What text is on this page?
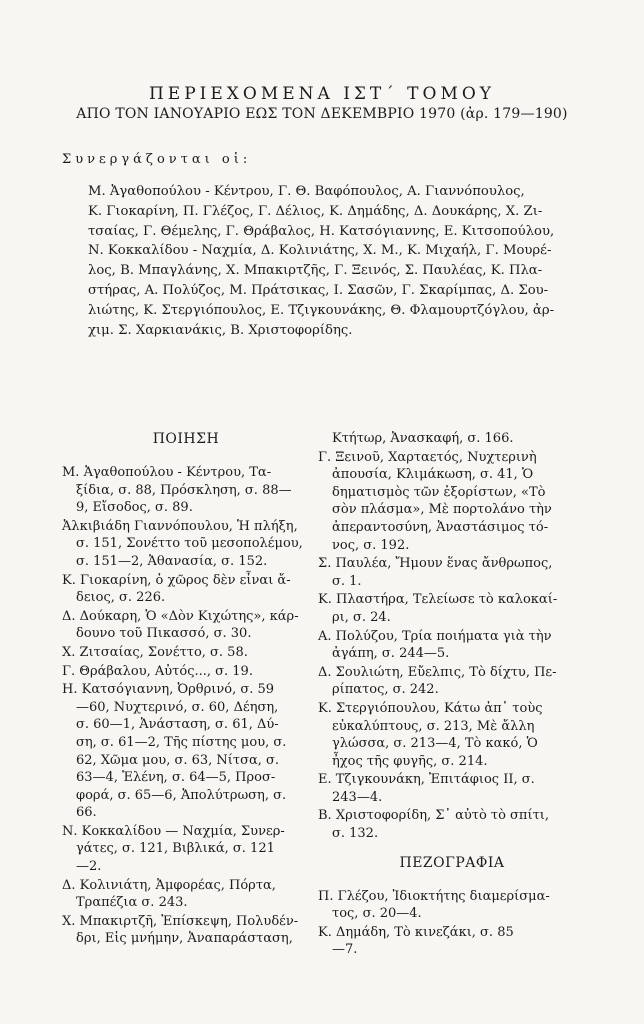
ΠΕΡΙΕΧΟΜΕΝΑ ΙΣΤ΄ ΤΟΜΟΥ
ΑΠΟ ΤΟΝ ΙΑΝΟΥΑΡΙΟ ΕΩΣ ΤΟΝ ΔΕΚΕΜΒΡΙΟ 1970 (ἀρ. 179—190)
Συνεργάζονται οἱ:
Μ. Ἀγαθοπούλου - Κέντρου, Γ. Θ. Βαφόπουλος, Α. Γιαννόπουλος,
Κ. Γιοκαρίνη, Π. Γλέζος, Γ. Δέλιος, Κ. Δημάδης, Δ. Δουκάρης, Χ. Ζι-
τσαίας, Γ. Θέμελης, Γ. Θράβαλος, Η. Κατσόγιαννης, Ε. Κιτσοπούλου,
Ν. Κοκκαλίδου - Ναχμία, Δ. Κολινιάτης, Χ. Μ., Κ. Μιχαήλ, Γ. Μουρέ-
λος, Β. Μπαγλάνης, Χ. Μπακιρτζῆς, Γ. Ξεινός, Σ. Παυλέας, Κ. Πλα-
στήρας, Α. Πολύζος, Μ. Πράτσικας, Ι. Σασῶν, Γ. Σκαρίμπας, Δ. Σου-
λιώτης, Κ. Στεργιόπουλος, Ε. Τζιγκουνάκης, Θ. Φλαμουρτζόγλου, ἀρ-
χιμ. Σ. Χαρκιανάκις, Β. Χριστοφορίδης.
ΠΟΙΗΣΗ
Μ. Ἀγαθοπούλου - Κέντρου, Τα-
ξίδια, σ. 88, Πρόσκληση, σ. 88—
9, Εἴσοδος, σ. 89.
Ἀλκιβιάδη Γιαννόπουλου, Ἡ πλήξη,
σ. 151, Σονέττο τοῦ μεσοπολέμου,
σ. 151—2, Ἀθανασία, σ. 152.
Κ. Γιοκαρίνη, ὁ χῶρος δὲν εἶναι ἄ-
δειος, σ. 226.
Δ. Δούκαρη, Ὁ «Δὸν Κιχώτης», κάρ-
δουνο τοῦ Πικασσό, σ. 30.
Χ. Ζιτσαίας, Σονέττο, σ. 58.
Γ. Θράβαλου, Αὐτός..., σ. 19.
Η. Κατσόγιαννη, Ὀρθρινό, σ. 59
—60, Νυχτερινό, σ. 60, Δέηση,
σ. 60—1, Ἀνάσταση, σ. 61, Δύ-
ση, σ. 61—2, Τῆς πίστης μου, σ.
62, Χῶμα μου, σ. 63, Νίτσα, σ.
63—4, Ἑλένη, σ. 64—5, Προσ-
φορά, σ. 65—6, Ἀπολύτρωση, σ.
66.
Ν. Κοκκαλίδου — Ναχμία, Συνερ-
γάτες, σ. 121, Βιβλικά, σ. 121
—2.
Δ. Κολινιάτη, Ἀμφορέας, Πόρτα,
Τραπέζια σ. 243.
Χ. Μπακιρτζῆ, Ἐπίσκεψη, Πολυδέν-
δρι, Εἰς μνήμην, Ἀναπαράσταση,
Κτήτωρ, Ἀνασκαφή, σ. 166.
Γ. Ξεινοῦ, Χαρταετός, Νυχτερινὴ
ἀπουσία, Κλιμάκωση, σ. 41, Ὁ
δηματισμὸς τῶν ἐξορίστων, «Τὸ
σὸν πλάσμα», Μὲ πορτολάνο τὴν
ἀπεραντοσύνη, Ἀναστάσιμος τό-
νος, σ. 192.
Σ. Παυλέα, Ἤμουν ἕνας ἄνθρωπος,
σ. 1.
Κ. Πλαστήρα, Τελείωσε τὸ καλοκαί-
ρι, σ. 24.
Α. Πολύζου, Τρία ποιήματα γιὰ τὴν
ἀγάπη, σ. 244—5.
Δ. Σουλιώτη, Εὔελπις, Τὸ δίχτυ, Πε-
ρίπατος, σ. 242.
Κ. Στεργιόπουλου, Κάτω ἀπ᾿ τοὺς
εὐκαλύπτους, σ. 213, Μὲ ἄλλη
γλώσσα, σ. 213—4, Τὸ κακό, Ὁ
ἦχος τῆς φυγῆς, σ. 214.
Ε. Τζιγκουνάκη, Ἐπιτάφιος ΙΙ, σ.
243—4.
Β. Χριστοφορίδη, Σ᾿ αὐτὸ τὸ σπίτι,
σ. 132.
ΠΕΖΟΓΡΑΦΙΑ
Π. Γλέζου, Ἰδιοκτήτης διαμερίσμα-
τος, σ. 20—4.
Κ. Δημάδη, Τὸ κινεζάκι, σ. 85
—7.
